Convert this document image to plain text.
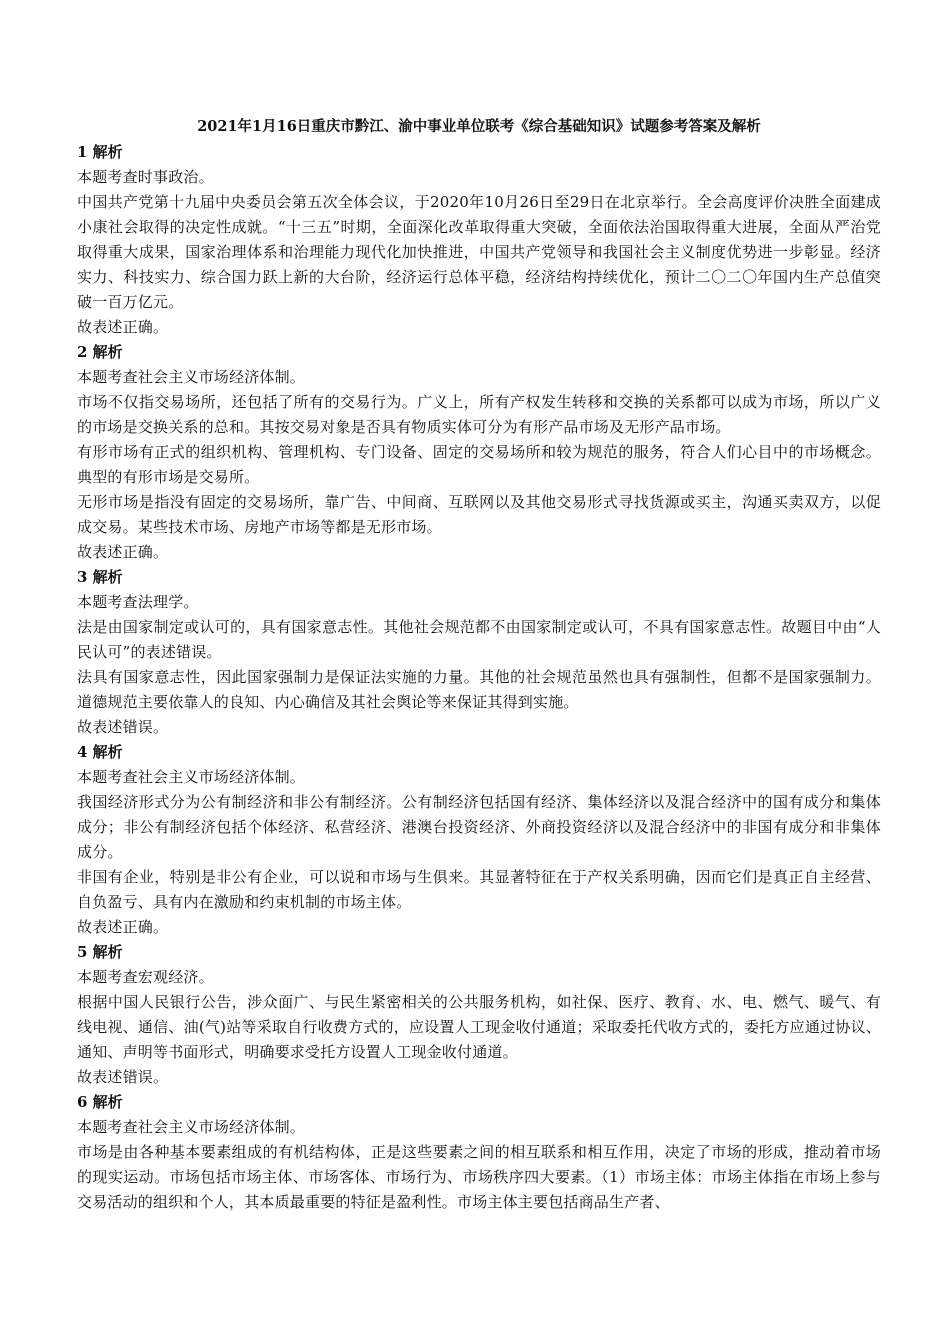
2021年1月16日重庆市黔江、渝中事业单位联考《综合基础知识》试题参考答案及解析
1 解析

本题考查时事政治。

中国共产党第十九届中央委员会第五次全体会议，于2020年10月26日至29日在北京举行。全会高度评价决胜全面建成小康社会取得的决定性成就。“十三五”时期，全面深化改革取得重大突破，全面依法治国取得重大进展，全面从严治党取得重大成果，国家治理体系和治理能力现代化加快推进，中国共产党领导和我国社会主义制度优势进一步彰显。经济实力、科技实力、综合国力跃上新的大台阶，经济运行总体平稳，经济结构持续优化，预计二〇二〇年国内生产总值突破一百万亿元。

故表述正确。

2 解析

本题考查社会主义市场经济体制。

市场不仅指交易场所，还包括了所有的交易行为。广义上，所有产权发生转移和交换的关系都可以成为市场，所以广义的市场是交换关系的总和。其按交易对象是否具有物质实体可分为有形产品市场及无形产品市场。

有形市场有正式的组织机构、管理机构、专门设备、固定的交易场所和较为规范的服务，符合人们心目中的市场概念。典型的有形市场是交易所。

无形市场是指没有固定的交易场所，靠广告、中间商、互联网以及其他交易形式寻找货源或买主，沟通买卖双方，以促成交易。某些技术市场、房地产市场等都是无形市场。

故表述正确。

3 解析

本题考查法理学。

法是由国家制定或认可的，具有国家意志性。其他社会规范都不由国家制定或认可，不具有国家意志性。故题目中由“人民认可”的表述错误。

法具有国家意志性，因此国家强制力是保证法实施的力量。其他的社会规范虽然也具有强制性，但都不是国家强制力。道德规范主要依靠人的良知、内心确信及其社会舆论等来保证其得到实施。

故表述错误。

4 解析

本题考查社会主义市场经济体制。

我国经济形式分为公有制经济和非公有制经济。公有制经济包括国有经济、集体经济以及混合经济中的国有成分和集体成分；非公有制经济包括个体经济、私营经济、港澳台投资经济、外商投资经济以及混合经济中的非国有成分和非集体成分。

非国有企业，特别是非公有企业，可以说和市场与生俱来。其显著特征在于产权关系明确，因而它们是真正自主经营、自负盈亏、具有内在激励和约束机制的市场主体。

故表述正确。

5 解析

本题考查宏观经济。

根据中国人民银行公告，涉众面广、与民生紧密相关的公共服务机构，如社保、医疗、教育、水、电、燃气、暖气、有线电视、通信、油(气)站等采取自行收费方式的，应设置人工现金收付通道；采取委托代收方式的，委托方应通过协议、通知、声明等书面形式，明确要求受托方设置人工现金收付通道。

故表述错误。

6 解析

本题考查社会主义市场经济体制。

市场是由各种基本要素组成的有机结构体，正是这些要素之间的相互联系和相互作用，决定了市场的形成，推动着市场的现实运动。市场包括市场主体、市场客体、市场行为、市场秩序四大要素。（1）市场主体：市场主体指在市场上参与交易活动的组织和个人，其本质最重要的特征是盈利性。市场主体主要包括商品生产者、
